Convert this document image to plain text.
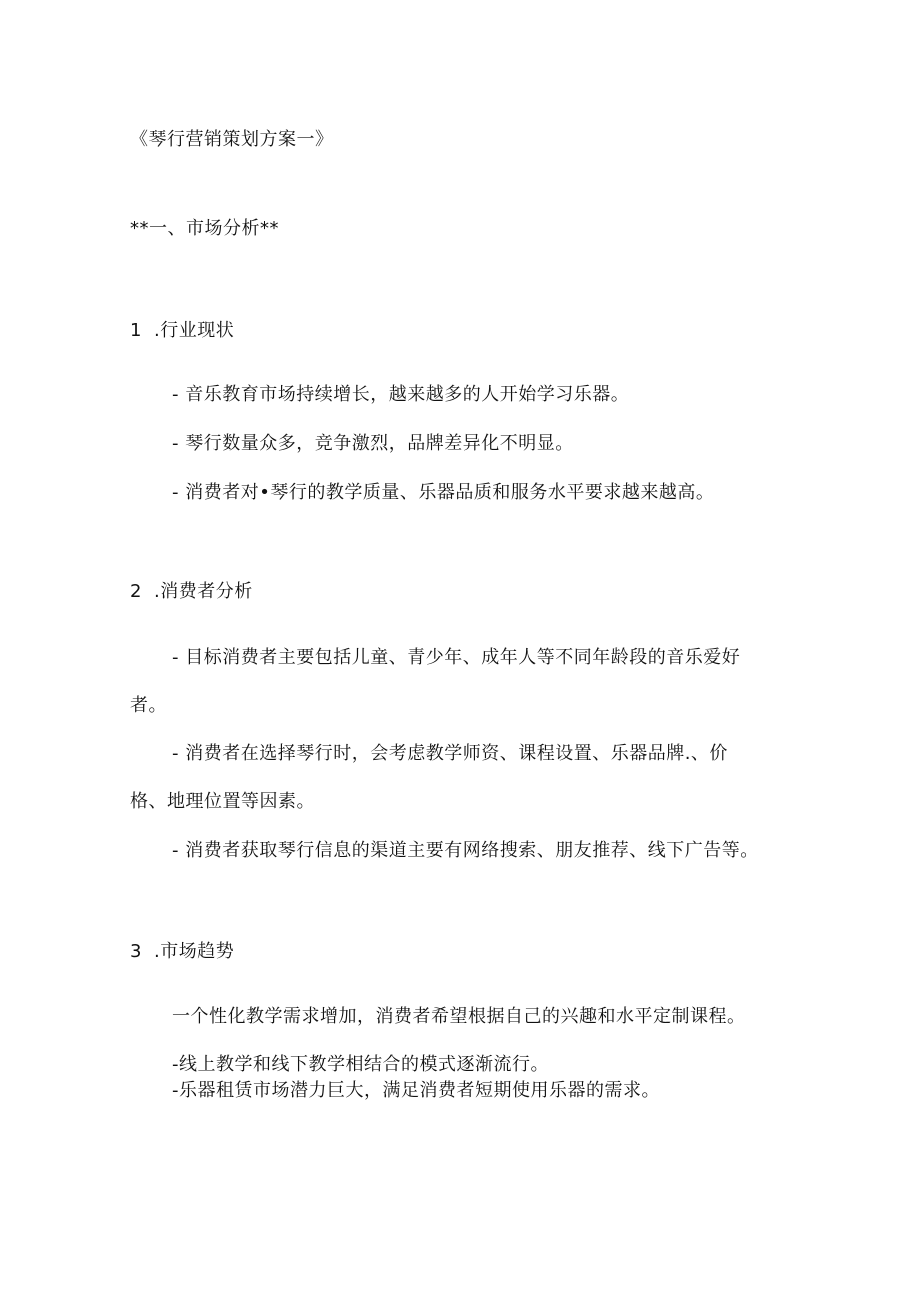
《琴行营销策划方案一》
**一、市场分析**
1 .行业现状
- 音乐教育市场持续增长，越来越多的人开始学习乐器。
- 琴行数量众多，竞争激烈，品牌差异化不明显。
- 消费者对•琴行的教学质量、乐器品质和服务水平要求越来越高。
2 .消费者分析
- 目标消费者主要包括儿童、青少年、成年人等不同年龄段的音乐爱好
者。
- 消费者在选择琴行时，会考虑教学师资、课程设置、乐器品牌.、价
格、地理位置等因素。
- 消费者获取琴行信息的渠道主要有网络搜索、朋友推荐、线下广告等。
3 .市场趋势
一个性化教学需求增加，消费者希望根据自己的兴趣和水平定制课程。
-线上教学和线下教学相结合的模式逐渐流行。
-乐器租赁市场潜力巨大，满足消费者短期使用乐器的需求。
